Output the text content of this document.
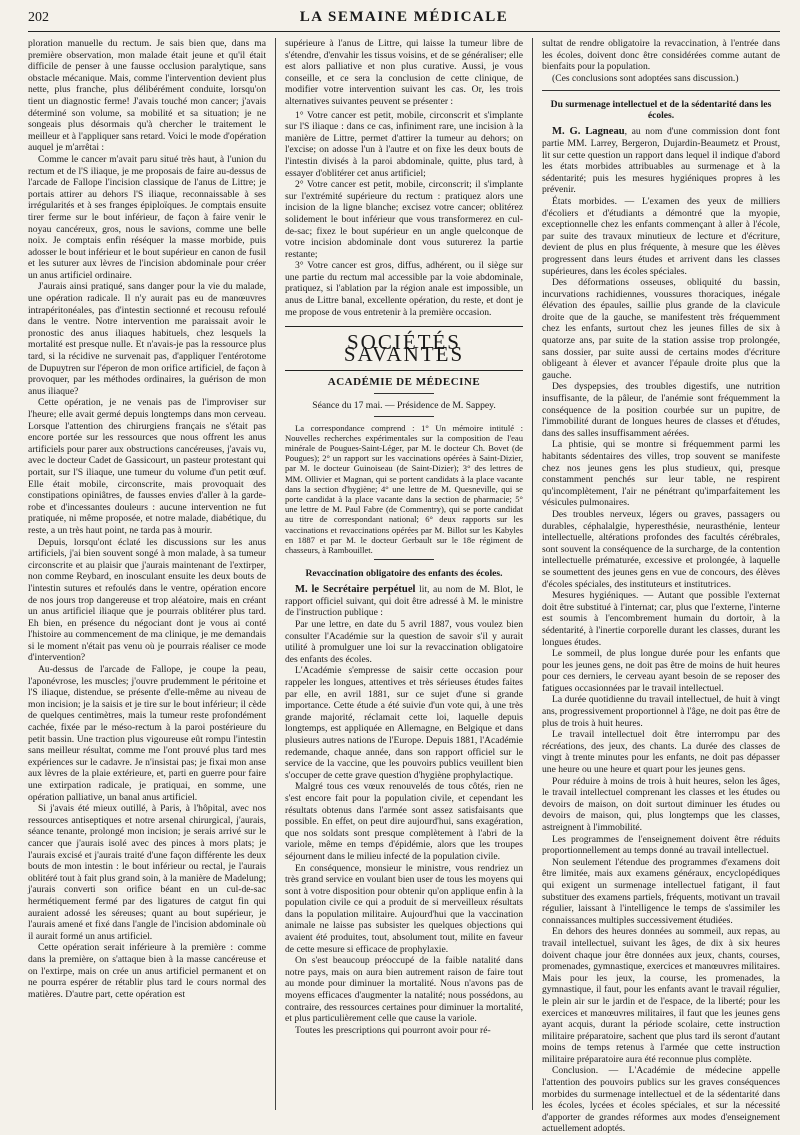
202	LA SEMAINE MÉDICALE

ploration manuelle du rectum. Je sais bien que, dans ma première observation, mon malade était jeune et qu'il était difficile de penser à une fausse occlusion paralytique, sans obstacle mécanique. Mais, comme l'intervention devient plus nette, plus franche, plus délibérément conduite, lorsqu'on tient un diagnostic ferme! J'avais touché mon cancer; j'avais déterminé son volume, sa mobilité et sa situation; je ne songeais plus désormais qu'à chercher le traitement le meilleur et à l'appliquer sans retard. Voici le mode d'opération auquel je m'arrêtai :

Comme le cancer m'avait paru situé très haut, à l'union du rectum et de l'S iliaque, je me proposais de faire au-dessus de l'arcade de Fallope l'incision classique de l'anus de Littre; je portais attirer au dehors l'S iliaque, reconnaissable à ses irrégularités et à ses franges épiploïques. Je comptais ensuite tirer ferme sur le bout inférieur, de façon à faire venir le noyau cancéreux, gros, nous le savions, comme une belle noix. Je comptais enfin réséquer la masse morbide, puis adosser le bout inférieur et le bout supérieur en canon de fusil et les suturer aux lèvres de l'incision abdominale pour créer un anus artificiel ordinaire.

J'aurais ainsi pratiqué, sans danger pour la vie du malade, une opération radicale. Il n'y aurait pas eu de manœuvres intrapéritonéales, pas d'intestin sectionné et recousu refoulé dans le ventre. Notre intervention me paraissait avoir le pronostic des anus iliaques habituels, chez lesquels la mortalité est presque nulle. Et n'avais-je pas la ressource plus tard, si la récidive ne survenait pas, d'appliquer l'entérotome de Dupuytren sur l'éperon de mon orifice artificiel, de façon à provoquer, par les méthodes ordinaires, la guérison de mon anus iliaque?

Cette opération, je ne venais pas de l'improviser sur l'heure; elle avait germé depuis longtemps dans mon cerveau. Lorsque l'attention des chirurgiens français ne s'était pas encore portée sur les ressources que nous offrent les anus artificiels pour parer aux obstructions cancéreuses, j'avais vu, avec le docteur Cadet de Gassicourt, un pasteur protestant qui portait, sur l'S iliaque, une tumeur du volume d'un petit œuf. Elle était mobile, circonscrite, mais provoquait des constipations opiniâtres, de fausses envies d'aller à la garde-robe et d'incessantes douleurs : aucune intervention ne fut pratiquée, ni même proposée, et notre malade, diabétique, du reste, a un très haut point, ne tarda pas à mourir.

Depuis, lorsqu'ont éclaté les discussions sur les anus artificiels, j'ai bien souvent songé à mon malade, à sa tumeur circonscrite et au plaisir que j'aurais maintenant de l'extirper, non comme Reybard, en inosculant ensuite les deux bouts de l'intestin sutures et refoulés dans le ventre, opération encore de nos jours trop dangereuse et trop aléatoire, mais en créant un anus artificiel iliaque que je pourrais oblitérer plus tard. Eh bien, en présence du négociant dont je vous ai conté l'histoire au commencement de ma clinique, je me demandais si le moment n'était pas venu où je pourrais réaliser ce mode d'intervention?

Au-dessus de l'arcade de Fallope, je coupe la peau, l'aponévrose, les muscles; j'ouvre prudemment le péritoine et l'S iliaque, distendue, se présente d'elle-même au niveau de mon incision; je la saisis et je tire sur le bout inférieur; il cède de quelques centimètres, mais la tumeur reste profondément cachée, fixée par le méso-rectum à la paroi postérieure du petit bassin. Une traction plus vigoureuse eût rompu l'intestin sans meilleur résultat, comme me l'ont prouvé plus tard mes expériences sur le cadavre. Je n'insistai pas; je fixai mon anse aux lèvres de la plaie extérieure, et, parti en guerre pour faire une extirpation radicale, je pratiquai, en somme, une opération palliative, un banal anus artificiel.

Si j'avais été mieux outillé, à Paris, à l'hôpital, avec nos ressources antiseptiques et notre arsenal chirurgical, j'aurais, séance tenante, prolongé mon incision; je serais arrivé sur le cancer que j'aurais isolé avec des pinces à mors plats; je l'aurais excisé et j'aurais traité d'une façon différente les deux bouts de mon intestin : le bout inférieur ou rectal, je l'aurais oblitéré tout à fait plus grand soin, à la manière de Madelung; j'aurais converti son orifice béant en un cul-de-sac hermétiquement fermé par des ligatures de catgut fin qui auraient adossé les séreuses; quant au bout supérieur, je l'aurais amené et fixé dans l'angle de l'incision abdominale où il aurait formé un anus artificiel.

Cette opération serait inférieure à la première : comme dans la première, on s'attaque bien à la masse cancéreuse et on l'extirpe, mais on crée un anus artificiel permanent et on ne pourra espérer de rétablir plus tard le cours normal des matières. D'autre part, cette opération est

supérieure à l'anus de Littre, qui laisse la tumeur libre de s'étendre, d'envahir les tissus voisins, et de se généraliser; elle est alors palliative et non plus curative. Aussi, je vous conseille, et ce sera la conclusion de cette clinique, de modifier votre intervention suivant les cas. Or, les trois alternatives suivantes peuvent se présenter :

1° Votre cancer est petit, mobile, circonscrit et s'implante sur l'S iliaque : dans ce cas, infiniment rare, une incision à la manière de Littre, permet d'attirer la tumeur au dehors; on l'excise; on adosse l'un à l'autre et on fixe les deux bouts de l'intestin divisés à la paroi abdominale, quitte, plus tard, à essayer d'oblitérer cet anus artificiel;

2° Votre cancer est petit, mobile, circonscrit; il s'implante sur l'extrémité supérieure du rectum : pratiquez alors une incision de la ligne blanche; excisez votre cancer; oblitérez solidement le bout inférieur que vous transformerez en cul-de-sac; fixez le bout supérieur en un angle quelconque de votre incision abdominale dont vous suturerez la partie restante;

3° Votre cancer est gros, diffus, adhérent, ou il siège sur une partie du rectum mal accessible par la voie abdominale, pratiquez, si l'ablation par la région anale est impossible, un anus de Littre banal, excellente opération, du reste, et dont je me propose de vous entretenir à la première occasion.

SOCIÉTÉS SAVANTES
ACADÉMIE DE MÉDECINE
Séance du 17 mai. — Présidence de M. Sappey.

La correspondance comprend : 1° Un mémoire intitulé : Nouvelles recherches expérimentales sur la composition de l'eau minérale de Pougues-Saint-Léger, par M. le docteur Ch. Bovet (de Pougues); 2° un rapport sur les vaccinations opérées à Saint-Dizier, par M. le docteur Guinoiseau (de Saint-Dizier); 3° des lettres de MM. Ollivier et Magnan, qui se portent candidats à la place vacante dans la section d'hygiène; 4° une lettre de M. Quesneville, qui se porte candidat à la place vacante dans la section de pharmacie; 5° une lettre de M. Paul Fabre (de Commentry), qui se porte candidat au titre de correspondant national; 6° deux rapports sur les vaccinations et revaccinations opérées par M. Billot sur les Kabyles en 1887 et par M. le docteur Gerbault sur le 18e régiment de chasseurs, à Rambouillet.

Revaccination obligatoire des enfants des écoles.

M. le Secrétaire perpétuel lit, au nom de M. Blot, le rapport officiel suivant, qui doit être adressé à M. le ministre de l'instruction publique :

Par une lettre, en date du 5 avril 1887, vous voulez bien consulter l'Académie sur la question de savoir s'il y aurait utilité à promulguer une loi sur la revaccination obligatoire des enfants des écoles.

L'Académie s'empresse de saisir cette occasion pour rappeler les longues, attentives et très sérieuses études faites par elle, en avril 1881, sur ce sujet d'une si grande importance. Cette étude a été suivie d'un vote qui, à une très grande majorité, réclamait cette loi, laquelle depuis longtemps, est appliquée en Allemagne, en Belgique et dans plusieurs autres nations de l'Europe. Depuis 1881, l'Académie redemande, chaque année, dans son rapport officiel sur le service de la vaccine, que les pouvoirs publics veuillent bien s'occuper de cette grave question d'hygiène prophylactique.

Malgré tous ces vœux renouvelés de tous côtés, rien ne s'est encore fait pour la population civile, et cependant les résultats obtenus dans l'armée sont assez satisfaisants que possible. En effet, on peut dire aujourd'hui, sans exagération, que nos soldats sont presque complètement à l'abri de la variole, même en temps d'épidémie, alors que les troupes séjournent dans le milieu infecté de la population civile.

En conséquence, monsieur le ministre, vous rendriez un très grand service en voulant bien user de tous les moyens qui sont à votre disposition pour obtenir qu'on applique enfin à la population civile ce qui a produit de si merveilleux résultats dans la population militaire. Aujourd'hui que la vaccination animale ne laisse pas subsister les quelques objections qui avaient été produites, tout, absolument tout, milite en faveur de cette mesure si efficace de prophylaxie.

On s'est beaucoup préoccupé de la faible natalité dans notre pays, mais on aura bien autrement raison de faire tout au monde pour diminuer la mortalité. Nous n'avons pas de moyens efficaces d'augmenter la natalité; nous possédons, au contraire, des ressources certaines pour diminuer la mortalité, et plus particulièrement celle que cause la variole.

Toutes les prescriptions qui pourront avoir pour ré-

sultat de rendre obligatoire la revaccination, à l'entrée dans les écoles, doivent donc être considérées comme autant de bienfaits pour la population.

(Ces conclusions sont adoptées sans discussion.)

Du surmenage intellectuel et de la sédentarité dans les écoles.

M. G. Lagneau, au nom d'une commission dont font partie MM. Larrey, Bergeron, Dujardin-Beaumetz et Proust, lit sur cette question un rapport dans lequel il indique d'abord les états morbides attribuables au surmenage et à la sédentarité; puis les mesures hygiéniques propres à les prévenir.

États morbides. — L'examen des yeux de milliers d'écoliers et d'étudiants a démontré que la myopie, exceptionnelle chez les enfants commençant à aller à l'école, par suite des travaux minutieux de lecture et d'écriture, devient de plus en plus fréquente, à mesure que les élèves progressent dans leurs études et arrivent dans les classes supérieures, dans les écoles spéciales.

Des déformations osseuses, obliquité du bassin, incurvations rachidiennes, voussures thoraciques, inégale élévation des épaules, saillie plus grande de la clavicule droite que de la gauche, se manifestent très fréquemment chez les enfants, surtout chez les jeunes filles de six à quatorze ans, par suite de la station assise trop prolongée, sans dossier, par suite aussi de certains modes d'écriture obligeant à élever et avancer l'épaule droite plus que la gauche.

Des dyspepsies, des troubles digestifs, une nutrition insuffisante, de la pâleur, de l'anémie sont fréquemment la conséquence de la position courbée sur un pupitre, de l'immobilité durant de longues heures de classes et d'études, dans des salles insuffisamment aérées.

La phtisie, qui se montre si fréquemment parmi les habitants sédentaires des villes, trop souvent se manifeste chez nos jeunes gens les plus studieux, qui, presque constamment penchés sur leur table, ne respirent qu'incomplètement, l'air ne pénétrant qu'imparfaitement les vésicules pulmonaires.

Des troubles nerveux, légers ou graves, passagers ou durables, céphalalgie, hyperesthésie, neurasthénie, lenteur intellectuelle, altérations profondes des facultés cérébrales, sont souvent la conséquence de la surcharge, de la contention intellectuelle prématurée, excessive et prolongée, à laquelle se soumettent des jeunes gens en vue de concours, des élèves d'écoles spéciales, des instituteurs et institutrices.

Mesures hygiéniques. — Autant que possible l'externat doit être substitué à l'internat; car, plus que l'externe, l'interne est soumis à l'encombrement humain du dortoir, à la sédentarité, à l'inertie corporelle durant les classes, durant les longues études.

Le sommeil, de plus longue durée pour les enfants que pour les jeunes gens, ne doit pas être de moins de huit heures pour ces derniers, le cerveau ayant besoin de se reposer des fatigues occasionnées par le travail intellectuel.

La durée quotidienne du travail intellectuel, de huit à vingt ans, progressivement proportionnel à l'âge, ne doit pas être de plus de trois à huit heures.

Le travail intellectuel doit être interrompu par des récréations, des jeux, des chants. La durée des classes de vingt à trente minutes pour les enfants, ne doit pas dépasser une heure ou une heure et quart pour les jeunes gens.

Pour réduire à moins de trois à huit heures, selon les âges, le travail intellectuel comprenant les classes et les études ou devoirs de maison, on doit surtout diminuer les études ou devoirs de maison, qui, plus longtemps que les classes, astreignent à l'immobilité.

Les programmes de l'enseignement doivent être réduits proportionnellement au temps donné au travail intellectuel.

Non seulement l'étendue des programmes d'examens doit être limitée, mais aux examens généraux, encyclopédiques qui exigent un surmenage intellectuel fatigant, il faut substituer des examens partiels, fréquents, motivant un travail régulier, laissant à l'intelligence le temps de s'assimiler les connaissances multiples successivement étudiées.

En dehors des heures données au sommeil, aux repas, au travail intellectuel, suivant les âges, de dix à six heures doivent chaque jour être données aux jeux, chants, courses, promenades, gymnastique, exercices et manœuvres militaires. Mais pour les jeux, la course, les promenades, la gymnastique, il faut, pour les enfants avant le travail régulier, le plein air sur le jardin et de l'espace, de la liberté; pour les exercices et manœuvres militaires, il faut que les jeunes gens ayant acquis, durant la période scolaire, cette instruction militaire préparatoire, sachent que plus tard ils seront d'autant moins de temps retenus à l'armée que cette instruction militaire préparatoire aura été reconnue plus complète.

Conclusion. — L'Académie de médecine appelle l'attention des pouvoirs publics sur les graves conséquences morbides du surmenage intellectuel et de la sédentarité dans les écoles, lycées et écoles spéciales, et sur la nécessité d'apporter de grandes réformes aux modes d'enseignement actuellement adoptés.
